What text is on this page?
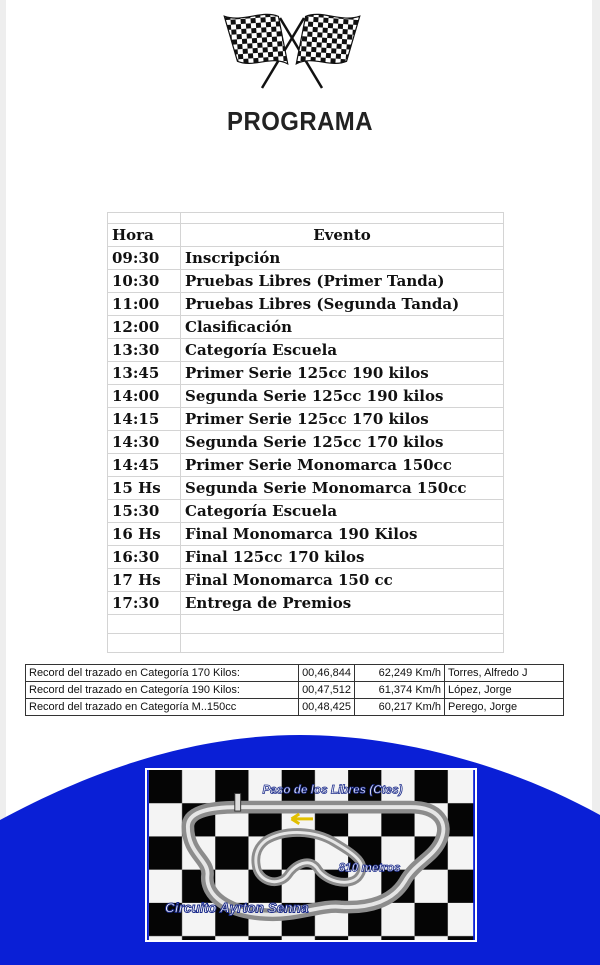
PROGRAMA

Hora	Evento
09:30	Inscripción
10:30	Pruebas Libres (Primer Tanda)
11:00	Pruebas Libres (Segunda Tanda)
12:00	Clasificación
13:30	Categoría Escuela
13:45	Primer Serie 125cc 190 kilos
14:00	Segunda Serie 125cc 190 kilos
14:15	Primer Serie 125cc 170 kilos
14:30	Segunda Serie 125cc 170 kilos
14:45	Primer Serie Monomarca 150cc
15 Hs	Segunda Serie Monomarca 150cc
15:30	Categoría Escuela
16 Hs	Final Monomarca 190 Kilos
16:30	Final 125cc 170 kilos
17 Hs	Final Monomarca 150 cc
17:30	Entrega de Premios

Record del trazado en Categoría 170 Kilos:	00,46,844	62,249 Km/h	Torres, Alfredo J
Record del trazado en Categoría 190 Kilos:	00,47,512	61,374 Km/h	López, Jorge
Record del trazado en Categoría M..150cc	00,48,425	60,217 Km/h	Perego, Jorge
Paso de los Libres (Ctes)
810 metros
Circuito Ayrton Senna
